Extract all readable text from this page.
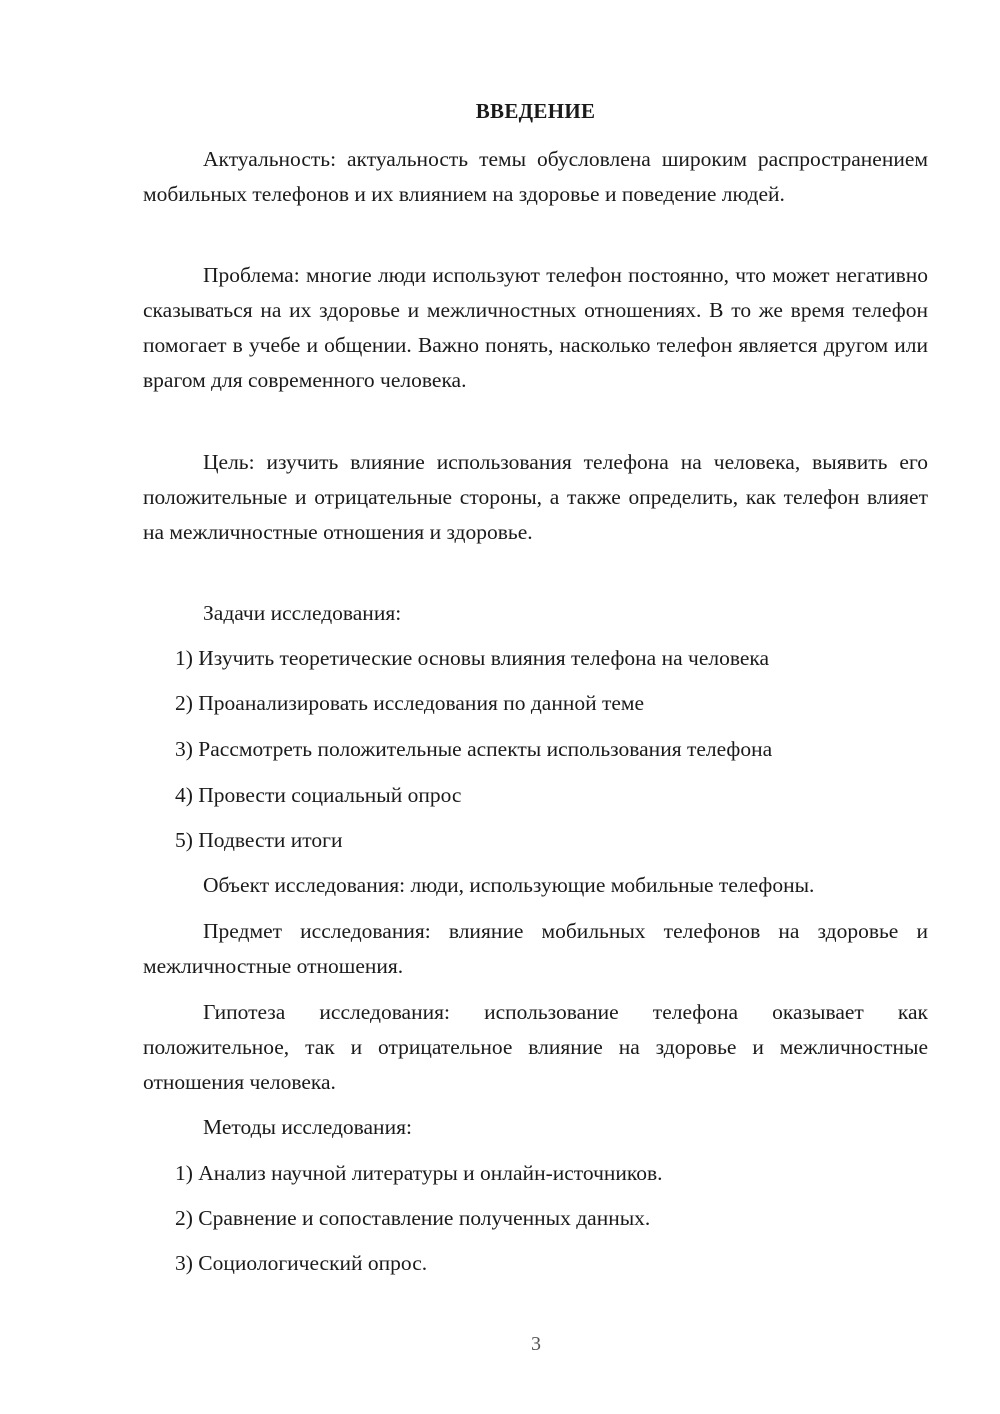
ВВЕДЕНИЕ

Актуальность: актуальность темы обусловлена широким распространением мобильных телефонов и их влиянием на здоровье и поведение людей.

Проблема: многие люди используют телефон постоянно, что может негативно сказываться на их здоровье и межличностных отношениях. В то же время телефон помогает в учебе и общении. Важно понять, насколько телефон является другом или врагом для современного человека.

Цель: изучить влияние использования телефона на человека, выявить его положительные и отрицательные стороны, а также определить, как телефон влияет на межличностные отношения и здоровье.

Задачи исследования:

1) Изучить теоретические основы влияния телефона на человека

2) Проанализировать исследования по данной теме

3) Рассмотреть положительные аспекты использования телефона

4) Провести социальный опрос

5) Подвести итоги

Объект исследования: люди, использующие мобильные телефоны.

Предмет исследования: влияние мобильных телефонов на здоровье и межличностные отношения.

Гипотеза исследования: использование телефона оказывает как положительное, так и отрицательное влияние на здоровье и межличностные отношения человека.

Методы исследования:

1) Анализ научной литературы и онлайн-источников.

2) Сравнение и сопоставление полученных данных.

3) Социологический опрос.

3
